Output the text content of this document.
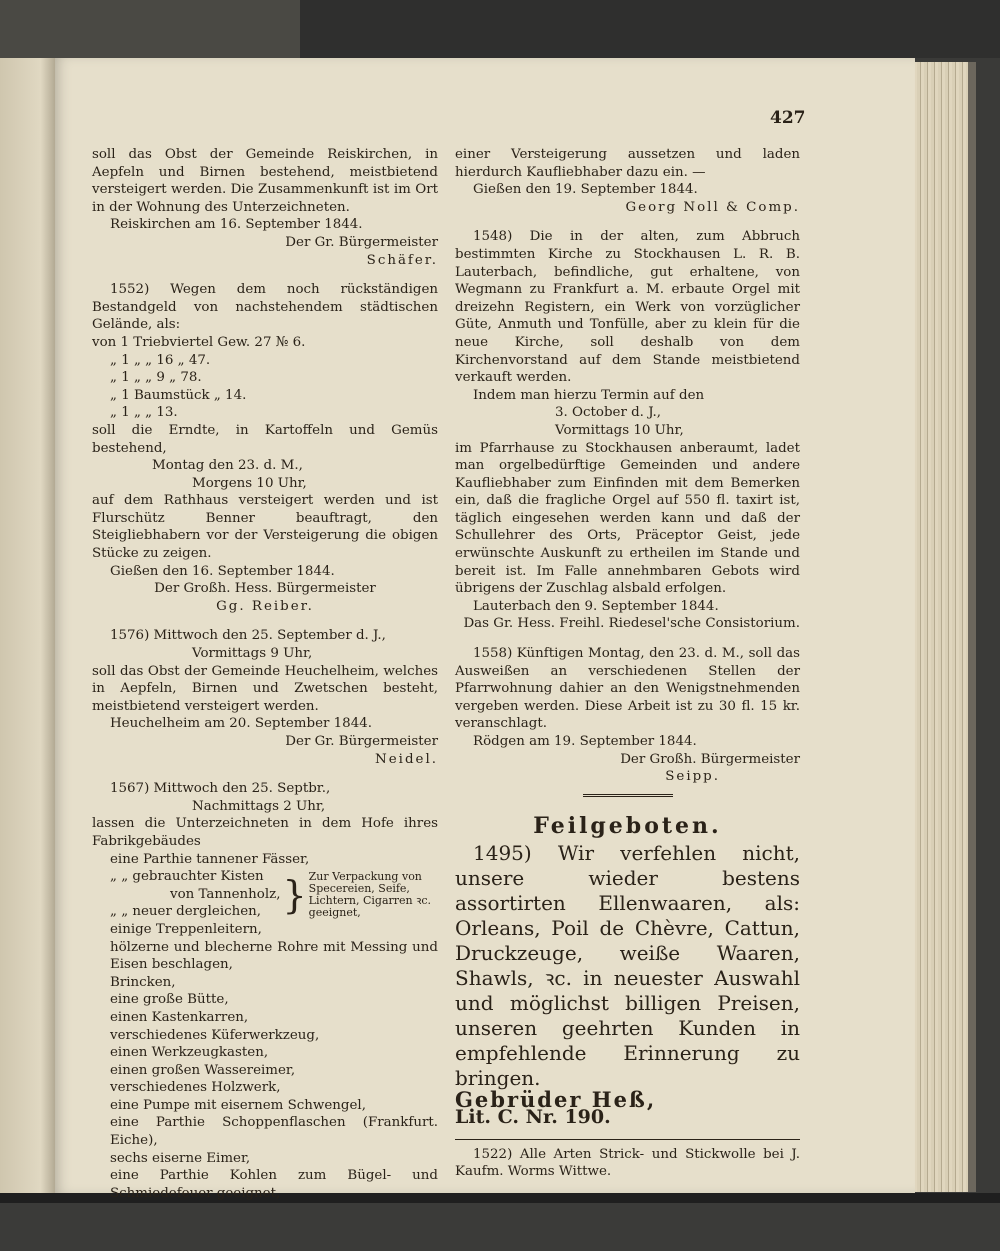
427

soll das Obst der Gemeinde Reiskirchen, in Aepfeln und Birnen bestehend, meistbietend versteigert werden. Die Zusammenkunft ist im Ort in der Wohnung des Unterzeichneten.

Reiskirchen am 16. September 1844.

Der Gr. Bürgermeister

Schäfer.

1552) Wegen dem noch rückständigen Bestandgeld von nachstehendem städtischen Gelände, als:

von 1 Triebviertel Gew. 27 № 6.

„ 1 „ „ 16 „ 47.

„ 1 „ „ 9 „ 78.

„ 1 Baumstück „ 14.

„ 1 „ „ 13.

soll die Erndte, in Kartoffeln und Gemüs bestehend,

Montag den 23. d. M.,

Morgens 10 Uhr,

auf dem Rathhaus versteigert werden und ist Flurschütz Benner beauftragt, den Steigliebhabern vor der Versteigerung die obigen Stücke zu zeigen.

Gießen den 16. September 1844.

Der Großh. Hess. Bürgermeister

Gg. Reiber.

1576) Mittwoch den 25. September d. J.,

Vormittags 9 Uhr,

soll das Obst der Gemeinde Heuchelheim, welches in Aepfeln, Birnen und Zwetschen besteht, meistbietend versteigert werden.

Heuchelheim am 20. September 1844.

Der Gr. Bürgermeister

Neidel.

1567) Mittwoch den 25. Septbr.,

Nachmittags 2 Uhr,

lassen die Unterzeichneten in dem Hofe ihres Fabrikgebäudes

eine Parthie tannener Fässer,

„ „ gebrauchter Kisten

von Tannenholz,

„ „ neuer dergleichen, } Zur Verpackung von Specereien, Seife, Lichtern, Cigarren ꝛc. geeignet,

einige Treppenleitern,

hölzerne und blecherne Rohre mit Messing und Eisen beschlagen,

Brincken,

eine große Bütte,

einen Kastenkarren,

verschiedenes Küferwerkzeug,

einen Werkzeugkasten,

einen großen Wassereimer,

verschiedenes Holzwerk,

eine Pumpe mit eisernem Schwengel,

eine Parthie Schoppenflaschen (Frankfurt. Eiche),

sechs eiserne Eimer,

eine Parthie Kohlen zum Bügel- und Schmiedefeuer geeignet,

einer Versteigerung aussetzen und laden hierdurch Kaufliebhaber dazu ein. —

Gießen den 19. September 1844.

Georg Noll & Comp.

1548) Die in der alten, zum Abbruch bestimmten Kirche zu Stockhausen L. R. B. Lauterbach, befindliche, gut erhaltene, von Wegmann zu Frankfurt a. M. erbaute Orgel mit dreizehn Registern, ein Werk von vorzüglicher Güte, Anmuth und Tonfülle, aber zu klein für die neue Kirche, soll deshalb von dem Kirchenvorstand auf dem Stande meistbietend verkauft werden.

Indem man hierzu Termin auf den

3. October d. J.,

Vormittags 10 Uhr,

im Pfarrhause zu Stockhausen anberaumt, ladet man orgelbedürftige Gemeinden und andere Kaufliebhaber zum Einfinden mit dem Bemerken ein, daß die fragliche Orgel auf 550 fl. taxirt ist, täglich eingesehen werden kann und daß der Schullehrer des Orts, Präceptor Geist, jede erwünschte Auskunft zu ertheilen im Stande und bereit ist. Im Falle annehmbaren Gebots wird übrigens der Zuschlag alsbald erfolgen.

Lauterbach den 9. September 1844.

Das Gr. Hess. Freihl. Riedesel'sche Consistorium.

1558) Künftigen Montag, den 23. d. M., soll das Ausweißen an verschiedenen Stellen der Pfarrwohnung dahier an den Wenigstnehmenden vergeben werden. Diese Arbeit ist zu 30 fl. 15 kr. veranschlagt.

Rödgen am 19. September 1844.

Der Großh. Bürgermeister

Seipp.

Feilgeboten.

1495) Wir verfehlen nicht, unsere wieder bestens assortirten Ellenwaaren, als: Orleans, Poil de Chèvre, Cattun, Druckzeuge, weiße Waaren, Shawls, ꝛc. in neuester Auswahl und möglichst billigen Preisen, unseren geehrten Kunden in empfehlende Erinnerung zu bringen.

Gebrüder Heß,

Lit. C. Nr. 190.

1522) Alle Arten Strick- und Stickwolle bei J. Kaufm. Worms Wittwe.
